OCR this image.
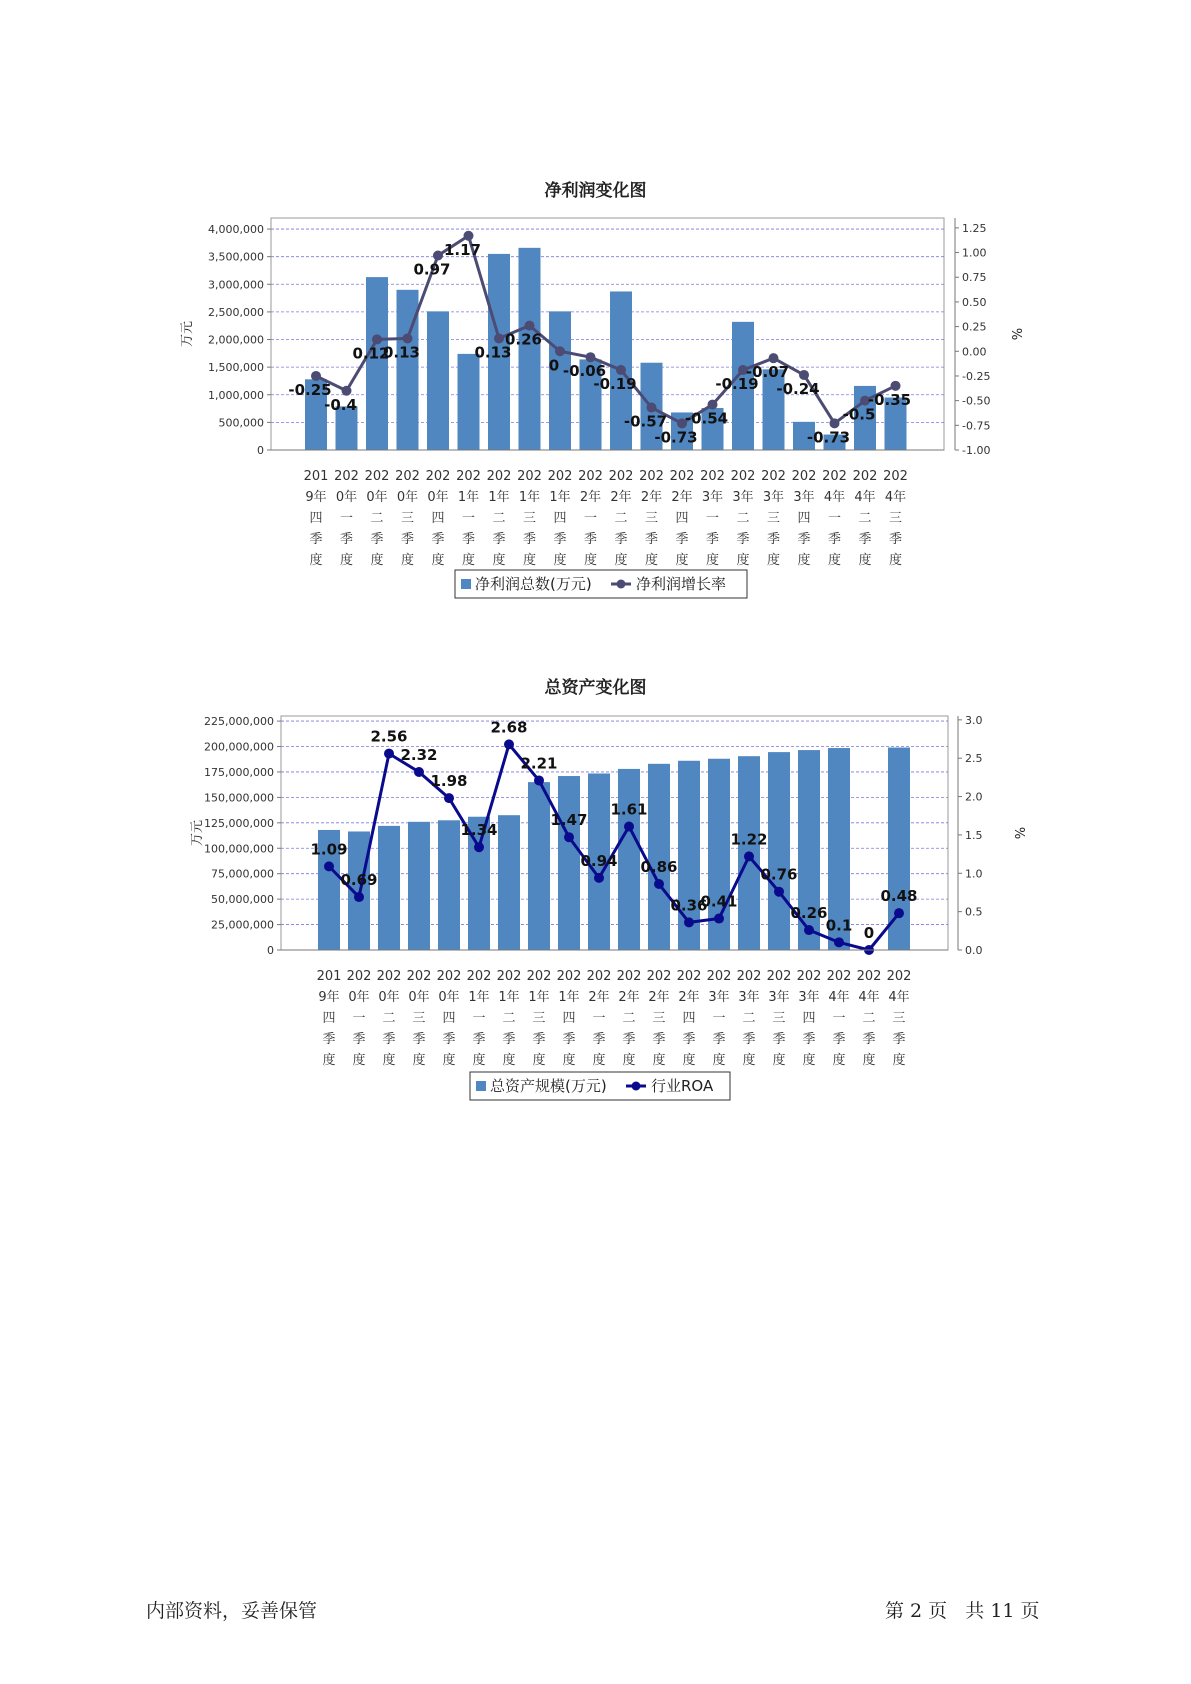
净利润变化图
0
500,000
1,000,000
1,500,000
2,000,000
2,500,000
3,000,000
3,500,000
4,000,000
-1.00
-0.75
-0.50
-0.25
0.00
0.25
0.50
0.75
1.00
1.25
万元	%
-0.25
-0.4
0.12
0.13
0.97
1.17
0.13
0.26
0 -0.06
-0.19
-0.57
-0.73
-0.54
-0.19
-0.07
-0.24
-0.73
-0.5
-0.35
201 9年四季度
202 0年一季度
202 0年二季度
202 0年三季度
202 0年四季度
202 1年一季度
202 1年二季度
202 1年三季度
202 1年四季度
202 2年一季度
202 2年二季度
202 2年三季度
202 2年四季度
202 3年一季度
202 3年二季度
202 3年三季度
202 3年四季度
202 4年一季度
202 4年二季度
202 4年三季度
净利润总数(万元)	净利润增长率
总资产变化图
0
25,000,000
50,000,000
75,000,000
100,000,000
125,000,000
150,000,000
175,000,000
200,000,000
225,000,000
0.0
0.5
1.0
1.5
2.0
2.5
3.0
万元	%
1.09
0.69
2.56
2.32
1.98
1.34
2.68
2.21
1.47
0.94
1.61
0.86
0.36
0.41
1.22
0.76
0.26
0.1 0
0.48
201 9年四季度
202 0年一季度
202 0年二季度
202 0年三季度
202 0年四季度
202 1年一季度
202 1年二季度
202 1年三季度
202 1年四季度
202 2年一季度
202 2年二季度
202 2年三季度
202 2年四季度
202 3年一季度
202 3年二季度
202 3年三季度
202 3年四季度
202 4年一季度
202 4年二季度
202 4年三季度
总资产规模(万元)	行业ROA
内部资料，妥善保管	第 2 页   共 11 页
